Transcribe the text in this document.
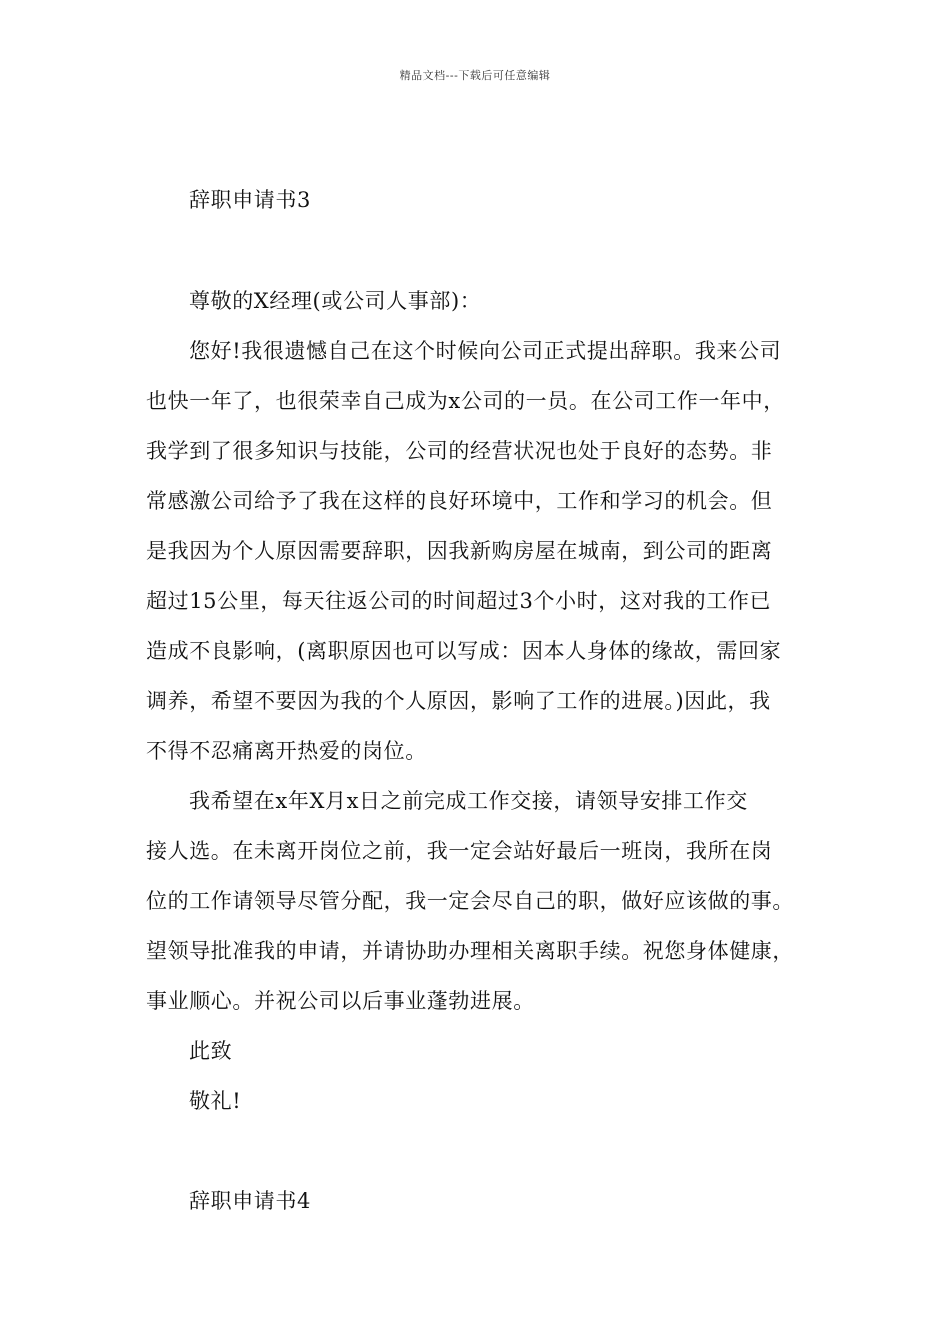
精品文档---下载后可任意编辑
辞职申请书3
尊敬的X经理(或公司人事部)：
您好!我很遗憾自己在这个时候向公司正式提出辞职。我来公司
也快一年了，也很荣幸自己成为x公司的一员。在公司工作一年中，
我学到了很多知识与技能，公司的经营状况也处于良好的态势。非
常感激公司给予了我在这样的良好环境中，工作和学习的机会。但
是我因为个人原因需要辞职，因我新购房屋在城南，到公司的距离
超过15公里，每天往返公司的时间超过3个小时，这对我的工作已
造成不良影响，(离职原因也可以写成：因本人身体的缘故，需回家
调养，希望不要因为我的个人原因，影响了工作的进展。)因此，我
不得不忍痛离开热爱的岗位。
我希望在x年X月x日之前完成工作交接，请领导安排工作交
接人选。在未离开岗位之前，我一定会站好最后一班岗，我所在岗
位的工作请领导尽管分配，我一定会尽自己的职，做好应该做的事。
望领导批准我的申请，并请协助办理相关离职手续。祝您身体健康，
事业顺心。并祝公司以后事业蓬勃进展。
此致
敬礼!
辞职申请书4
